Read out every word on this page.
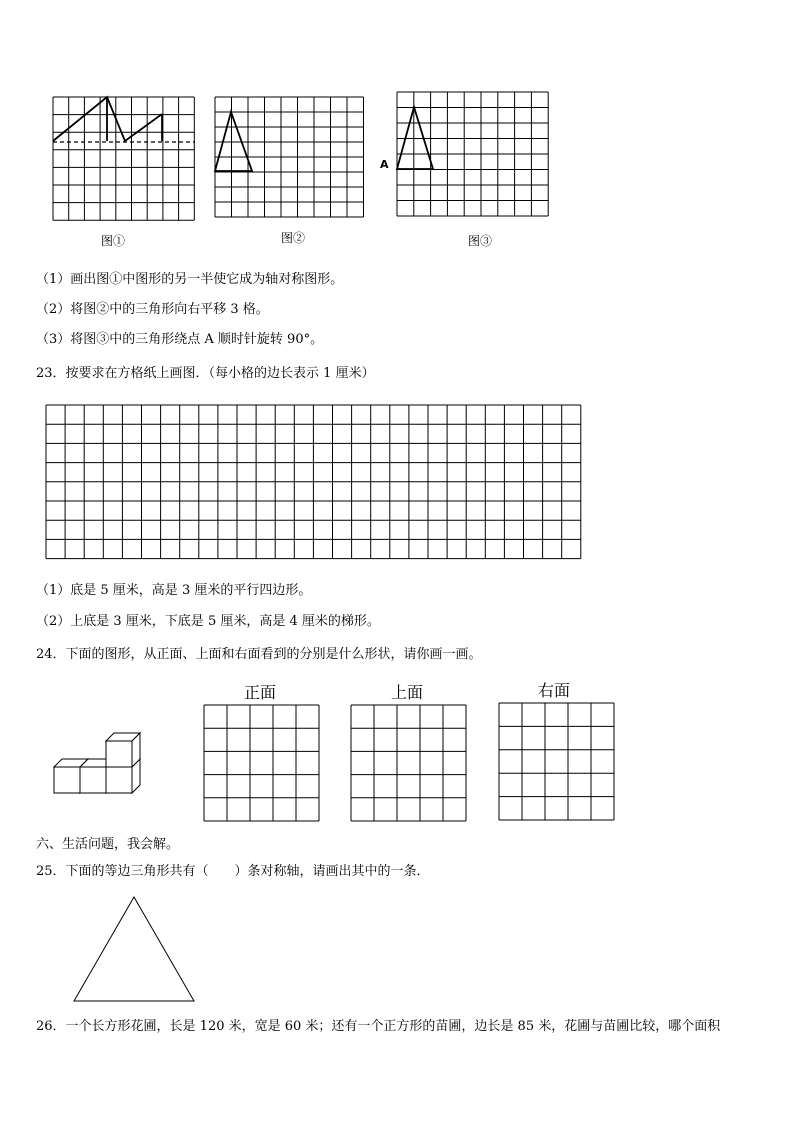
图①	图②	图③
A
（1）画出图①中图形的另一半使它成为轴对称图形。
（2）将图②中的三角形向右平移 3 格。
（3）将图③中的三角形绕点 A 顺时针旋转 90°。
23．按要求在方格纸上画图．（每小格的边长表示 1 厘米）
（1）底是 5 厘米，高是 3 厘米的平行四边形。
（2）上底是 3 厘米，下底是 5 厘米，高是 4 厘米的梯形。
24．下面的图形，从正面、上面和右面看到的分别是什么形状，请你画一画。
正面	上面	右面
六、生活问题，我会解。
25．下面的等边三角形共有（　　）条对称轴，请画出其中的一条．
26．一个长方形花圃，长是 120 米，宽是 60 米；还有一个正方形的苗圃，边长是 85 米，花圃与苗圃比较，哪个面积
